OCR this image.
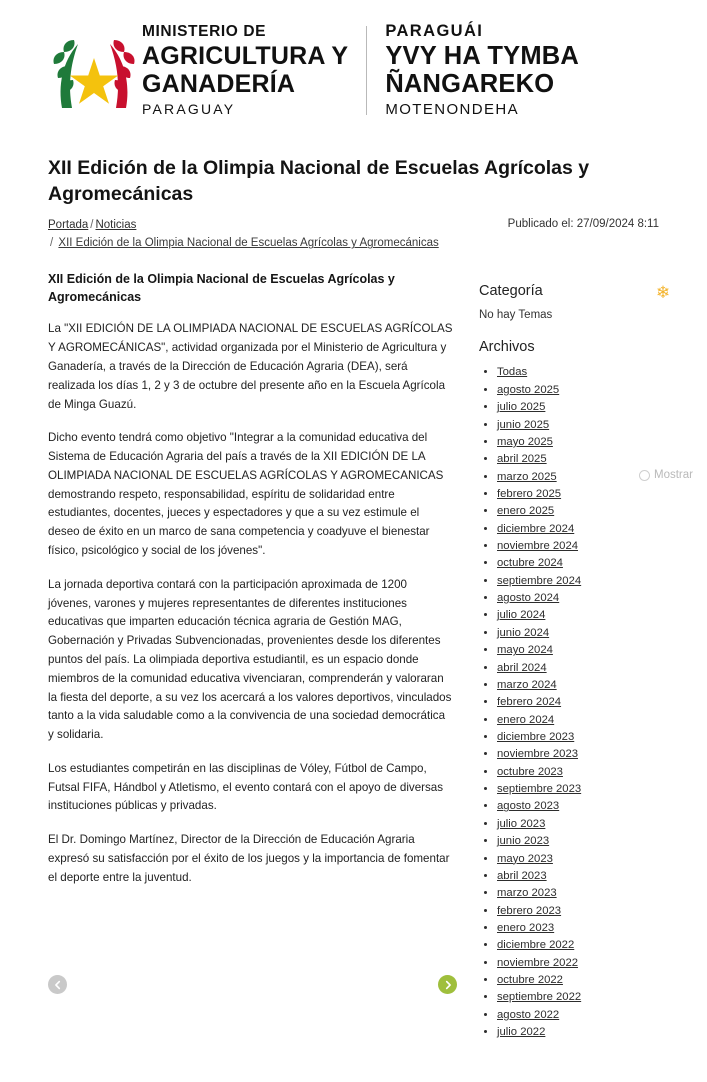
MINISTERIO DE
AGRICULTURA Y
GANADERÍA
PARAGUAY
PARAGUÁI
YVY HA TYMBA
ÑANGAREKO
MOTENONDEHA
XII Edición de la Olimpia Nacional de Escuelas Agrícolas y Agromecánicas
Portada / Noticias
/ XII Edición de la Olimpia Nacional de Escuelas Agrícolas y Agromecánicas
Publicado el: 27/09/2024 8:11
XII Edición de la Olimpia Nacional de Escuelas Agrícolas y Agromecánicas

La "XII EDICIÓN DE LA OLIMPIADA NACIONAL DE ESCUELAS AGRÍCOLAS Y AGROMECÁNICAS", actividad organizada por el Ministerio de Agricultura y Ganadería, a través de la Dirección de Educación Agraria (DEA), será realizada los días 1, 2 y 3 de octubre del presente año en la Escuela Agrícola de Minga Guazú.

Dicho evento tendrá como objetivo "Integrar a la comunidad educativa del Sistema de Educación Agraria del país a través de la XII EDICIÓN DE LA OLIMPIADA NACIONAL DE ESCUELAS AGRÍCOLAS Y AGROMECANICAS demostrando respeto, responsabilidad, espíritu de solidaridad entre estudiantes, docentes, jueces y espectadores y que a su vez estimule el deseo de éxito en un marco de sana competencia y coadyuve el bienestar físico, psicológico y social de los jóvenes".

La jornada deportiva contará con la participación aproximada de 1200 jóvenes, varones y mujeres representantes de diferentes instituciones educativas que imparten educación técnica agraria de Gestión MAG, Gobernación y Privadas Subvencionadas, provenientes desde los diferentes puntos del país. La olimpiada deportiva estudiantil, es un espacio donde miembros de la comunidad educativa vivenciaran, comprenderán y valoraran la fiesta del deporte, a su vez los acercará a los valores deportivos, vinculados tanto a la vida saludable como a la convivencia de una sociedad democrática y solidaria.

Los estudiantes competirán en las disciplinas de Vóley, Fútbol de Campo, Futsal FIFA, Hándbol y Atletismo, el evento contará con el apoyo de diversas instituciones públicas y privadas.

El Dr. Domingo Martínez, Director de la Dirección de Educación Agraria expresó su satisfacción por el éxito de los juegos y la importancia de fomentar el deporte entre la juventud.

❄
Categoría
No hay Temas
Archivos
• Todas
• agosto 2025
• julio 2025
• junio 2025
• mayo 2025
• abril 2025
• marzo 2025
• febrero 2025
• enero 2025
• diciembre 2024
• noviembre 2024
• octubre 2024
• septiembre 2024
• agosto 2024
• julio 2024
• junio 2024
• mayo 2024
• abril 2024
• marzo 2024
• febrero 2024
• enero 2024
• diciembre 2023
• noviembre 2023
• octubre 2023
• septiembre 2023
• agosto 2023
• julio 2023
• junio 2023
• mayo 2023
• abril 2023
• marzo 2023
• febrero 2023
• enero 2023
• diciembre 2022
• noviembre 2022
• octubre 2022
• septiembre 2022
• agosto 2022
• julio 2022
Mostrar
